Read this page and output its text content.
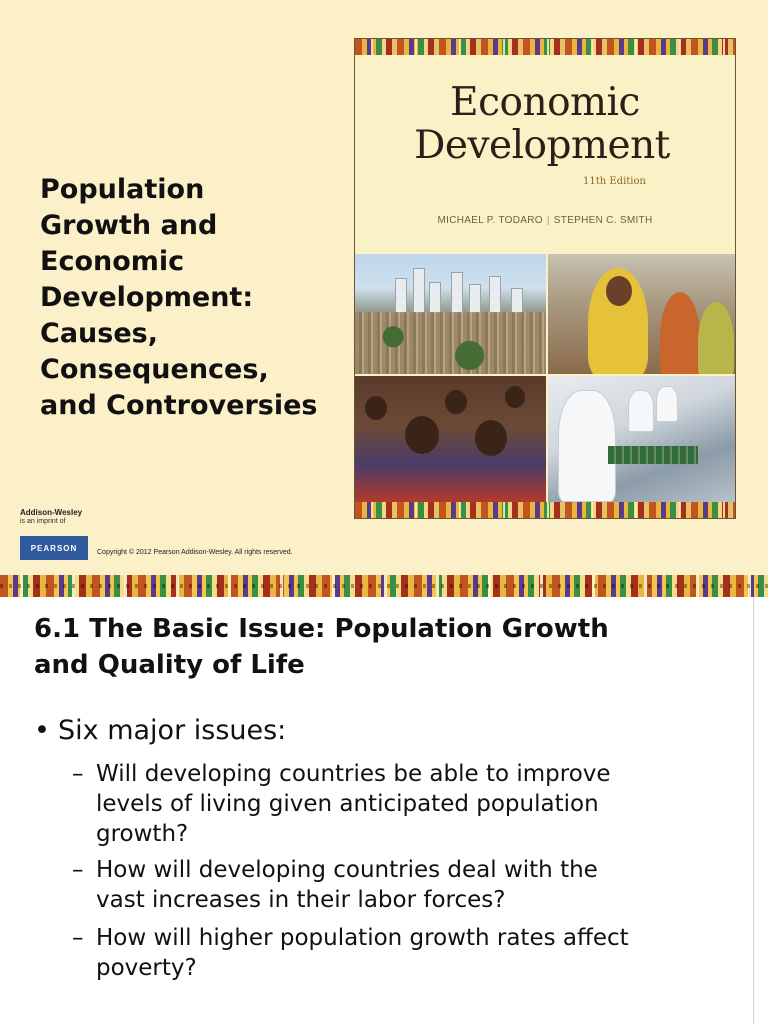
Population
Growth and
Economic
Development:
Causes,
Consequences,
and Controversies
Economic
Development
11th Edition
MICHAEL P. TODARO | STEPHEN C. SMITH
Addison-Wesley
is an imprint of
PEARSON	Copyright © 2012 Pearson Addison-Wesley. All rights reserved.
6.1 The Basic Issue: Population Growth
and Quality of Life
• Six major issues:
– Will developing countries be able to improve
levels of living given anticipated population
growth?
– How will developing countries deal with the
vast increases in their labor forces?
– How will higher population growth rates affect
poverty?
